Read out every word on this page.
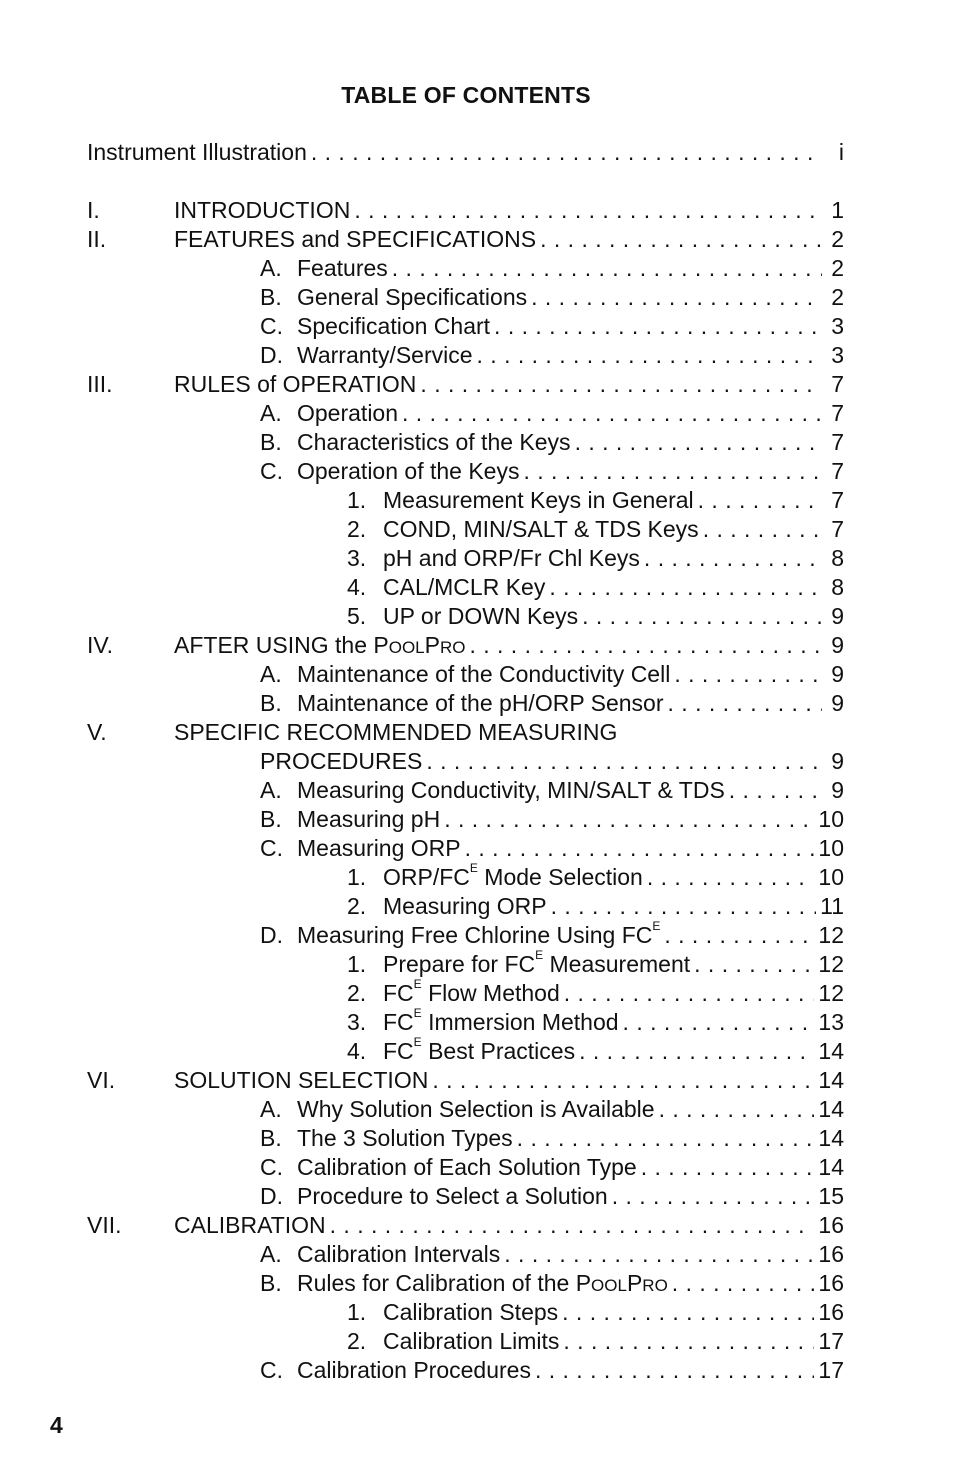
TABLE OF CONTENTS
Instrument Illustration . . .	i
I.	INTRODUCTION . . .	1
II.	FEATURES and SPECIFICATIONS . . .	2
A. Features . . .	2
B. General Specifications . . .	2
C. Specification Chart . . .	3
D. Warranty/Service . . .	3
III.	RULES of OPERATION . . .	7
A. Operation . . .	7
B. Characteristics of the Keys . . .	7
C. Operation of the Keys . . .	7
1. Measurement Keys in General . . .	7
2. COND, MIN/SALT & TDS Keys . . .	7
3. pH and ORP/Fr Chl Keys . . .	8
4. CAL/MCLR Key . . .	8
5. UP or DOWN Keys . . .	9
IV.	AFTER USING the POOLPRO . . .	9
A. Maintenance of the Conductivity Cell . . .	9
B. Maintenance of the pH/ORP Sensor . . .	9
V.	SPECIFIC RECOMMENDED MEASURING
PROCEDURES . . .	9
A. Measuring Conductivity, MIN/SALT & TDS . . .	9
B. Measuring pH . . .	10
C. Measuring ORP . . .	10
1. ORP/$FC^E$ Mode Selection . . .	10
2. Measuring ORP . . .	11
D. Measuring Free Chlorine Using $FC^E$ . . .	12
1. Prepare for $FC^E$ Measurement . . .	12
2. $FC^E$ Flow Method . . .	12
3. $FC^E$ Immersion Method . . .	13
4. $FC^E$ Best Practices . . .	14
VI.	SOLUTION SELECTION . . .	14
A. Why Solution Selection is Available . . .	14
B. The 3 Solution Types . . .	14
C. Calibration of Each Solution Type . . .	14
D. Procedure to Select a Solution . . .	15
VII. CALIBRATION . . .	16
A. Calibration Intervals . . .	16
B. Rules for Calibration of the POOLPRO . . .	16
1. Calibration Steps . . .	16
2. Calibration Limits . . .	17
C. Calibration Procedures . . .	17
4
